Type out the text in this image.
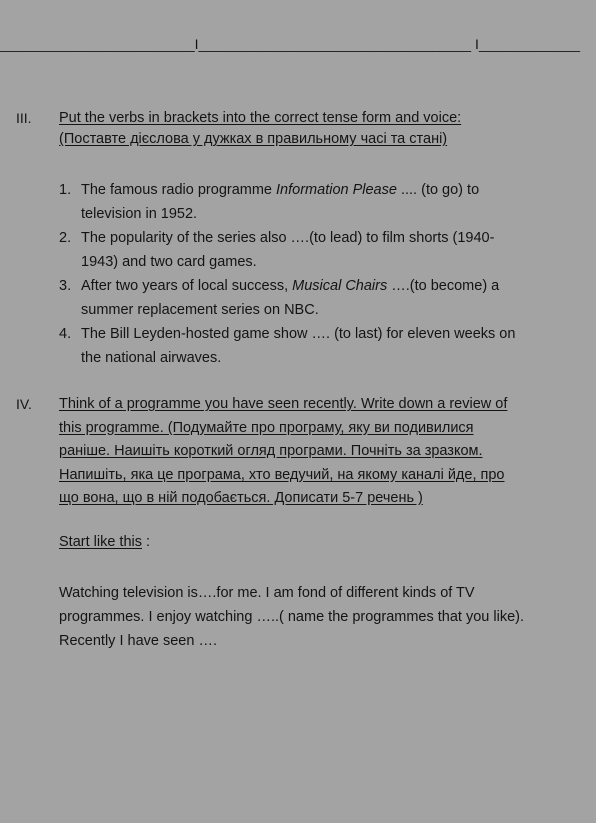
_________________________I___________________________________ I_____________
III. Put the verbs in brackets into the correct tense form and voice:
(Поставте дієслова у дужках в правильному часі та стані)
1. The famous radio programme Information Please .... (to go) to
television in 1952.
2. The popularity of the series also ….(to lead) to film shorts (1940-
1943) and two card games.
3. After two years of local success, Musical Chairs ….(to become) a
summer replacement series on NBC.
4. The Bill Leyden-hosted game show …. (to last) for eleven weeks on
the national airwaves.
IV. Think of a programme you have seen recently. Write down a review of
this programme. (Подумайте про програму, яку ви подивилися
раніше. Наишіть короткий огляд програми. Почніть за зразком.
Напишіть, яка це програма, хто ведучий, на якому каналі йде, про
що вона, що в ній подобається. Дописати 5-7 речень )
Start like this :
Watching television is….for me. I am fond of different kinds of TV
programmes. I enjoy watching …..( name the programmes that you like).
Recently I have seen ….
